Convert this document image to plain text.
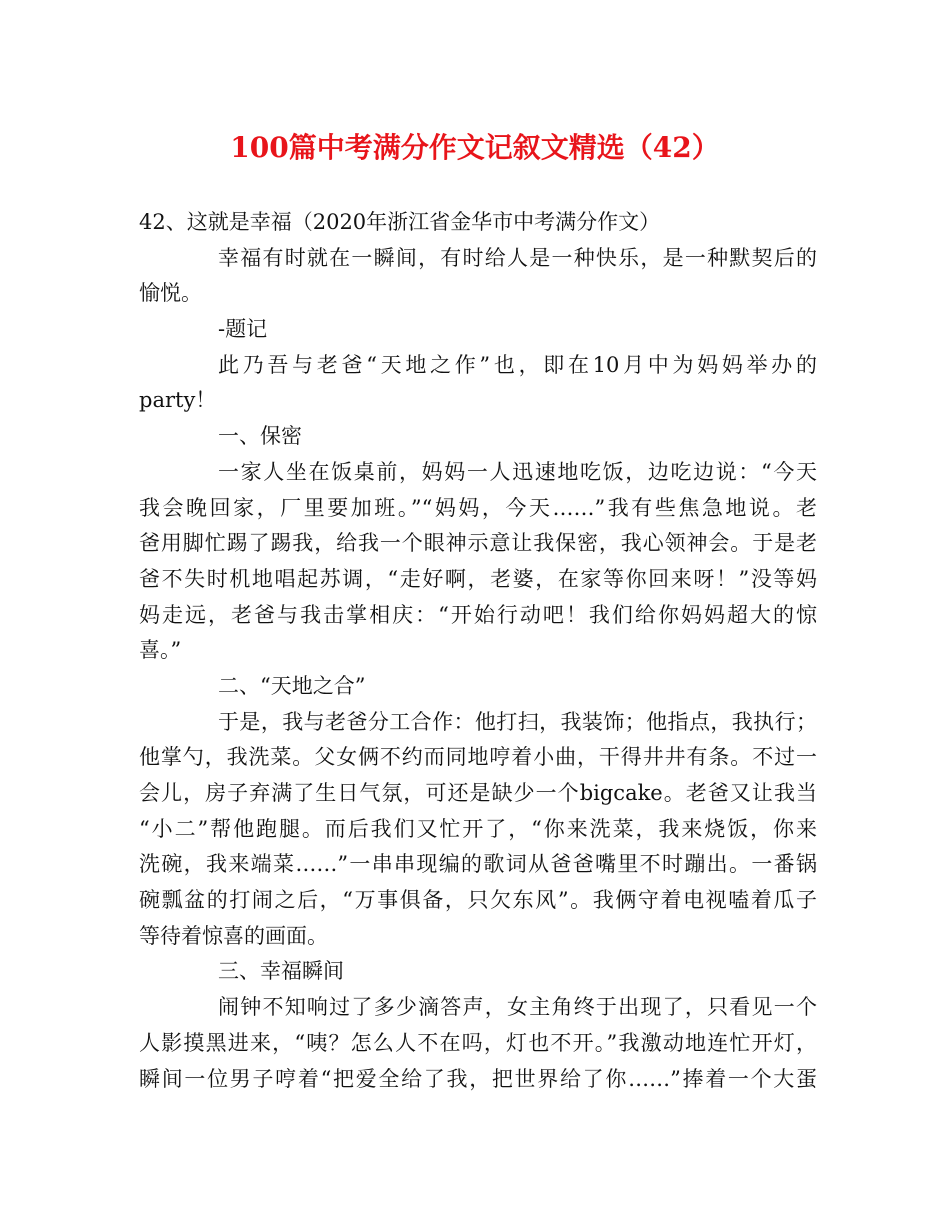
100篇中考满分作文记叙文精选（42）
42、这就是幸福（2020年浙江省金华市中考满分作文）
幸福有时就在一瞬间，有时给人是一种快乐，是一种默契后的
愉悦。
-题记
此乃吾与老爸“天地之作”也，即在10月中为妈妈举办的
party！
一、保密
一家人坐在饭桌前，妈妈一人迅速地吃饭，边吃边说：“今天
我会晚回家，厂里要加班。”“妈妈，今天……”我有些焦急地说。老
爸用脚忙踢了踢我，给我一个眼神示意让我保密，我心领神会。于是老
爸不失时机地唱起苏调，“走好啊，老婆，在家等你回来呀！”没等妈
妈走远，老爸与我击掌相庆：“开始行动吧！我们给你妈妈超大的惊
喜。”
二、“天地之合”
于是，我与老爸分工合作：他打扫，我装饰；他指点，我执行；
他掌勺，我洗菜。父女俩不约而同地哼着小曲，干得井井有条。不过一
会儿，房子弃满了生日气氛，可还是缺少一个bigcake。老爸又让我当
“小二”帮他跑腿。而后我们又忙开了，“你来洗菜，我来烧饭，你来
洗碗，我来端菜……”一串串现编的歌词从爸爸嘴里不时蹦出。一番锅
碗瓢盆的打闹之后，“万事俱备，只欠东风”。我俩守着电视嗑着瓜子
等待着惊喜的画面。
三、幸福瞬间
闹钟不知响过了多少滴答声，女主角终于出现了，只看见一个
人影摸黑进来，“咦？怎么人不在吗，灯也不开。”我激动地连忙开灯，
瞬间一位男子哼着“把爱全给了我，把世界给了你……”捧着一个大蛋
